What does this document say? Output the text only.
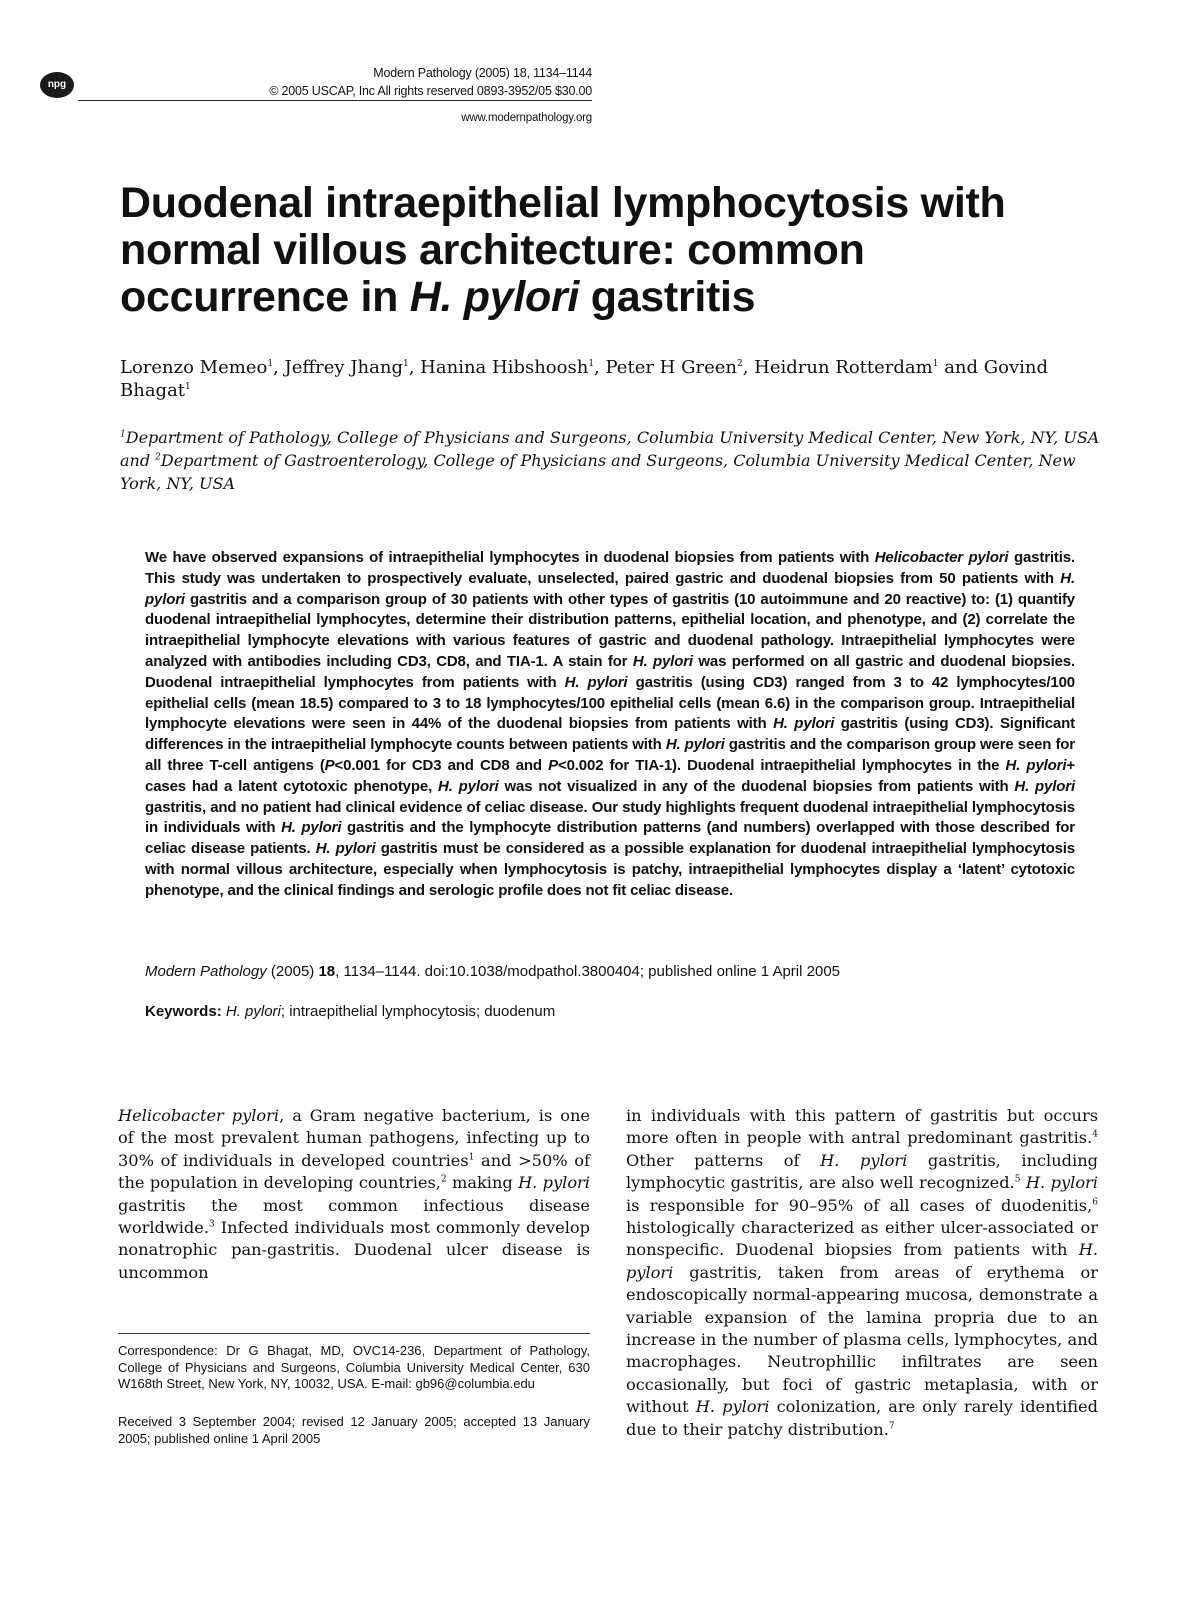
npg
Modern Pathology (2005) 18, 1134–1144
© 2005 USCAP, Inc All rights reserved 0893-3952/05 $30.00
www.modernpathology.org
Duodenal intraepithelial lymphocytosis with normal villous architecture: common occurrence in H. pylori gastritis
Lorenzo Memeo$^1$, Jeffrey Jhang$^1$, Hanina Hibshoosh$^1$, Peter H Green$^2$, Heidrun Rotterdam$^1$ and Govind Bhagat$^1$
$^1$Department of Pathology, College of Physicians and Surgeons, Columbia University Medical Center, New York, NY, USA and $^2$Department of Gastroenterology, College of Physicians and Surgeons, Columbia University Medical Center, New York, NY, USA
We have observed expansions of intraepithelial lymphocytes in duodenal biopsies from patients with Helicobacter pylori gastritis. This study was undertaken to prospectively evaluate, unselected, paired gastric and duodenal biopsies from 50 patients with H. pylori gastritis and a comparison group of 30 patients with other types of gastritis (10 autoimmune and 20 reactive) to: (1) quantify duodenal intraepithelial lymphocytes, determine their distribution patterns, epithelial location, and phenotype, and (2) correlate the intraepithelial lymphocyte elevations with various features of gastric and duodenal pathology. Intraepithelial lymphocytes were analyzed with antibodies including CD3, CD8, and TIA-1. A stain for H. pylori was performed on all gastric and duodenal biopsies. Duodenal intraepithelial lymphocytes from patients with H. pylori gastritis (using CD3) ranged from 3 to 42 lymphocytes/100 epithelial cells (mean 18.5) compared to 3 to 18 lymphocytes/100 epithelial cells (mean 6.6) in the comparison group. Intraepithelial lymphocyte elevations were seen in 44% of the duodenal biopsies from patients with H. pylori gastritis (using CD3). Significant differences in the intraepithelial lymphocyte counts between patients with H. pylori gastritis and the comparison group were seen for all three T-cell antigens (P<0.001 for CD3 and CD8 and P<0.002 for TIA-1). Duodenal intraepithelial lymphocytes in the H. pylori+ cases had a latent cytotoxic phenotype, H. pylori was not visualized in any of the duodenal biopsies from patients with H. pylori gastritis, and no patient had clinical evidence of celiac disease. Our study highlights frequent duodenal intraepithelial lymphocytosis in individuals with H. pylori gastritis and the lymphocyte distribution patterns (and numbers) overlapped with those described for celiac disease patients. H. pylori gastritis must be considered as a possible explanation for duodenal intraepithelial lymphocytosis with normal villous architecture, especially when lymphocytosis is patchy, intraepithelial lymphocytes display a ‘latent’ cytotoxic phenotype, and the clinical findings and serologic profile does not fit celiac disease.
Modern Pathology (2005) 18, 1134–1144. doi:10.1038/modpathol.3800404; published online 1 April 2005
Keywords: H. pylori; intraepithelial lymphocytosis; duodenum
Helicobacter pylori, a Gram negative bacterium, is one of the most prevalent human pathogens, infecting up to 30% of individuals in developed countries$^1$ and >50% of the population in developing countries,$^2$ making H. pylori gastritis the most common infectious disease worldwide.$^3$ Infected individuals most commonly develop nonatrophic pan-gastritis. Duodenal ulcer disease is uncommon
in individuals with this pattern of gastritis but occurs more often in people with antral predominant gastritis.$^4$ Other patterns of H. pylori gastritis, including lymphocytic gastritis, are also well recognized.$^5$ H. pylori is responsible for 90–95% of all cases of duodenitis,$^6$ histologically characterized as either ulcer-associated or nonspecific. Duodenal biopsies from patients with H. pylori gastritis, taken from areas of erythema or endoscopically normal-appearing mucosa, demonstrate a variable expansion of the lamina propria due to an increase in the number of plasma cells, lymphocytes, and macrophages. Neutrophillic infiltrates are seen occasionally, but foci of gastric metaplasia, with or without H. pylori colonization, are only rarely identified due to their patchy distribution.$^7$
Correspondence: Dr G Bhagat, MD, OVC14-236, Department of Pathology, College of Physicians and Surgeons, Columbia University Medical Center, 630 W168th Street, New York, NY, 10032, USA. E-mail: gb96@columbia.edu
Received 3 September 2004; revised 12 January 2005; accepted 13 January 2005; published online 1 April 2005
